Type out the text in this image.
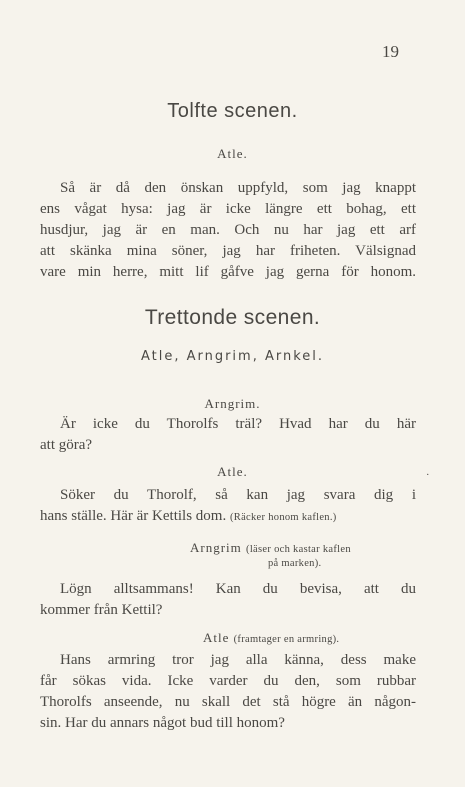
19
Tolfte scenen.
Atle.
Så är då den önskan uppfyld, som jag knappt
ens vågat hysa: jag är icke längre ett bohag, ett
husdjur, jag är en man. Och nu har jag ett arf
att skänka mina söner, jag har friheten. Välsignad
vare min herre, mitt lif gåfve jag gerna för honom.
Trettonde scenen.
Atle, Arngrim, Arnkel.
Arngrim.
Är icke du Thorolfs träl? Hvad har du här
att göra?
Atle.	.
Söker du Thorolf, så kan jag svara dig i
hans ställe. Här är Kettils dom. (Räcker honom kaflen.)
Arngrim (läser och kastar kaflen
på marken).
Lögn alltsammans! Kan du bevisa, att du
kommer från Kettil?
Atle (framtager en armring).
Hans armring tror jag alla känna, dess make
får sökas vida. Icke varder du den, som rubbar
Thorolfs anseende, nu skall det stå högre än någon-
sin. Har du annars något bud till honom?
